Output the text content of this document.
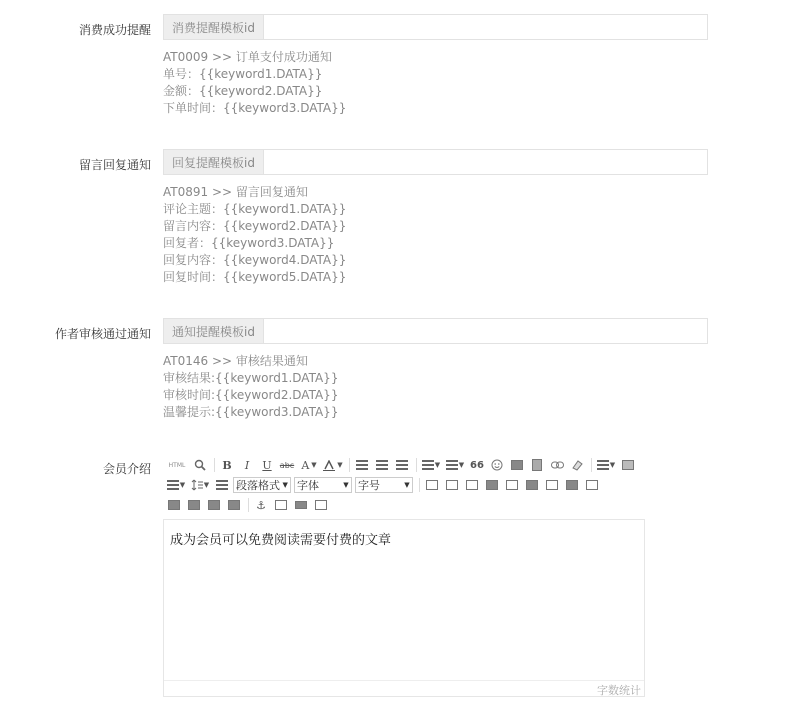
消费成功提醒	消费提醒模板id
AT0009 >> 订单支付成功通知
单号：{{keyword1.DATA}}
金额：{{keyword2.DATA}}
下单时间：{{keyword3.DATA}}
留言回复通知	回复提醒模板id
AT0891 >> 留言回复通知
评论主题：{{keyword1.DATA}}
留言内容：{{keyword2.DATA}}
回复者：{{keyword3.DATA}}
回复内容：{{keyword4.DATA}}
回复时间：{{keyword5.DATA}}
作者审核通过通知	通知提醒模板id
AT0146 >> 审核结果通知
审核结果:{{keyword1.DATA}}
审核时间:{{keyword2.DATA}}
温馨提示:{{keyword3.DATA}}
会员介绍	HTML	B	I	U	abc A ▼	▼	▼	▼ 66	▼
▼	▼ 段落格式 ▼ 字体	▼ 字号	▼
⚓
成为会员可以免费阅读需要付费的文章
字数统计
